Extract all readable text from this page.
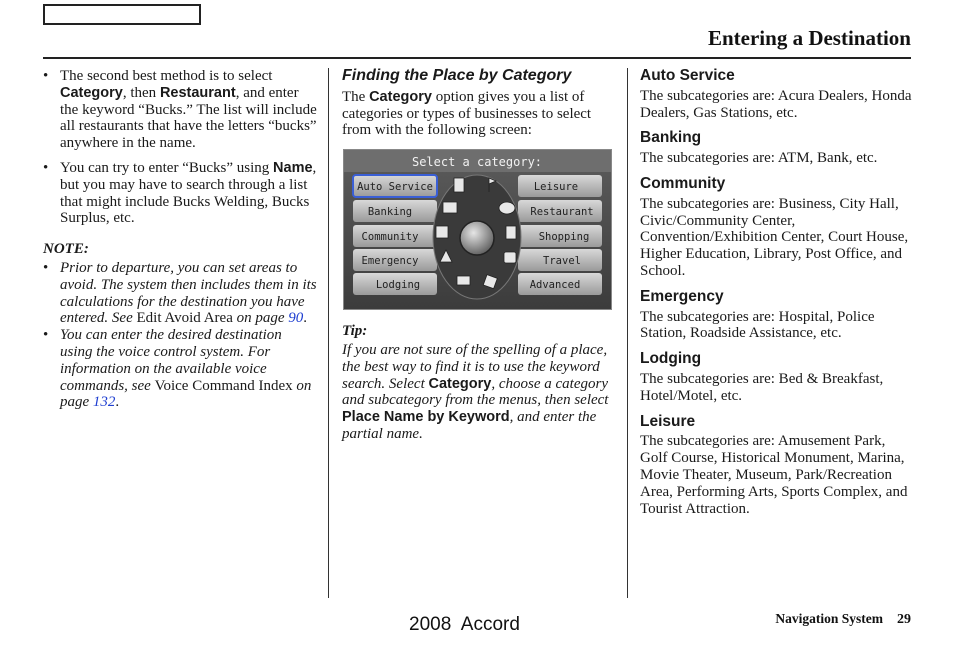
Entering a Destination
• The second best method is to select Category, then Restaurant, and enter the keyword “Bucks.” The list will include all restaurants that have the letters “bucks” anywhere in the name.
• You can try to enter “Bucks” using Name, but you may have to search through a list that might include Bucks Welding, Bucks Surplus, etc.
NOTE:
• Prior to departure, you can set areas to avoid. The system then includes them in its calculations for the destination you have entered. See Edit Avoid Area on page 90.
• You can enter the desired destination using the voice control system. For information on the available voice commands, see Voice Command Index on page 132.
Finding the Place by Category
The Category option gives you a list of categories or types of businesses to select from with the following screen:
Select a category:
Auto Service
Banking
Community
Emergency
Lodging
Leisure
Restaurant
Shopping
Travel
Advanced
Tip:
If you are not sure of the spelling of a place, the best way to find it is to use the keyword search. Select Category, choose a category and subcategory from the menus, then select Place Name by Keyword, and enter the partial name.
Auto Service
The subcategories are: Acura Dealers, Honda Dealers, Gas Stations, etc.
Banking
The subcategories are: ATM, Bank, etc.
Community
The subcategories are: Business, City Hall, Civic/Community Center, Convention/Exhibition Center, Court House, Higher Education, Library, Post Office, and School.
Emergency
The subcategories are: Hospital, Police Station, Roadside Assistance, etc.
Lodging
The subcategories are: Bed & Breakfast, Hotel/Motel, etc.
Leisure
The subcategories are: Amusement Park, Golf Course, Historical Monument, Marina, Movie Theater, Museum, Park/Recreation Area, Performing Arts, Sports Complex, and Tourist Attraction.
2008  Accord	Navigation System 29
